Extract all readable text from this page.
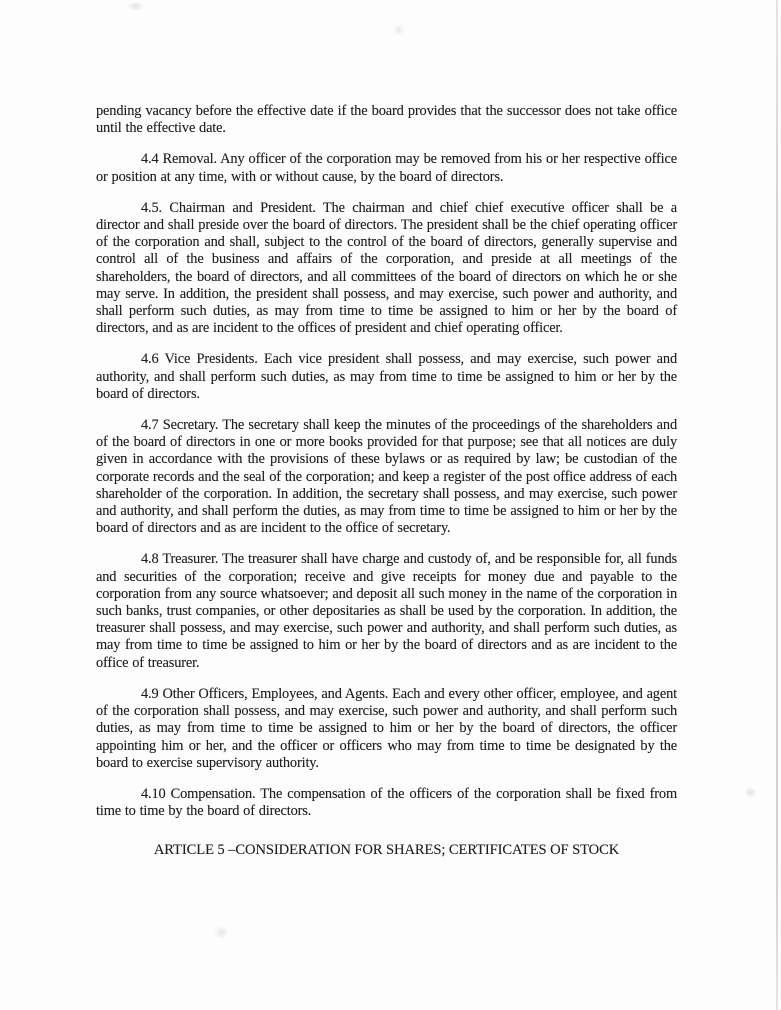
pending vacancy before the effective date if the board provides that the successor does not take office until the effective date.

4.4 Removal. Any officer of the corporation may be removed from his or her respective office or position at any time, with or without cause, by the board of directors.

4.5. Chairman and President. The chairman and chief chief executive officer shall be a director and shall preside over the board of directors. The president shall be the chief operating officer of the corporation and shall, subject to the control of the board of directors, generally supervise and control all of the business and affairs of the corporation, and preside at all meetings of the shareholders, the board of directors, and all committees of the board of directors on which he or she may serve. In addition, the president shall possess, and may exercise, such power and authority, and shall perform such duties, as may from time to time be assigned to him or her by the board of directors, and as are incident to the offices of president and chief operating officer.

4.6 Vice Presidents. Each vice president shall possess, and may exercise, such power and authority, and shall perform such duties, as may from time to time be assigned to him or her by the board of directors.

4.7 Secretary. The secretary shall keep the minutes of the proceedings of the shareholders and of the board of directors in one or more books provided for that purpose; see that all notices are duly given in accordance with the provisions of these bylaws or as required by law; be custodian of the corporate records and the seal of the corporation; and keep a register of the post office address of each shareholder of the corporation. In addition, the secretary shall possess, and may exercise, such power and authority, and shall perform the duties, as may from time to time be assigned to him or her by the board of directors and as are incident to the office of secretary.

4.8 Treasurer. The treasurer shall have charge and custody of, and be responsible for, all funds and securities of the corporation; receive and give receipts for money due and payable to the corporation from any source whatsoever; and deposit all such money in the name of the corporation in such banks, trust companies, or other depositaries as shall be used by the corporation. In addition, the treasurer shall possess, and may exercise, such power and authority, and shall perform such duties, as may from time to time be assigned to him or her by the board of directors and as are incident to the office of treasurer.

4.9 Other Officers, Employees, and Agents. Each and every other officer, employee, and agent of the corporation shall possess, and may exercise, such power and authority, and shall perform such duties, as may from time to time be assigned to him or her by the board of directors, the officer appointing him or her, and the officer or officers who may from time to time be designated by the board to exercise supervisory authority.

4.10 Compensation. The compensation of the officers of the corporation shall be fixed from time to time by the board of directors.

ARTICLE 5 –CONSIDERATION FOR SHARES; CERTIFICATES OF STOCK
